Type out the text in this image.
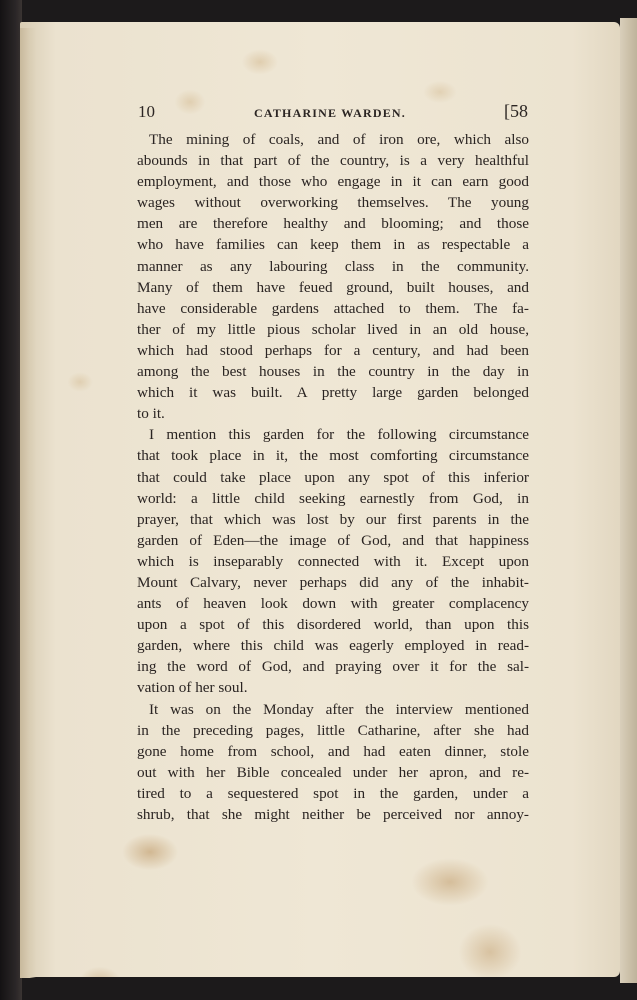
10	CATHARINE WARDEN.	[58
The mining of coals, and of iron ore, which also
abounds in that part of the country, is a very healthful
employment, and those who engage in it can earn good
wages without overworking themselves. The young
men are therefore healthy and blooming; and those
who have families can keep them in as respectable a
manner as any labouring class in the community.
Many of them have feued ground, built houses, and
have considerable gardens attached to them. The fa-
ther of my little pious scholar lived in an old house,
which had stood perhaps for a century, and had been
among the best houses in the country in the day in
which it was built. A pretty large garden belonged
to it.
I mention this garden for the following circumstance
that took place in it, the most comforting circumstance
that could take place upon any spot of this inferior
world: a little child seeking earnestly from God, in
prayer, that which was lost by our first parents in the
garden of Eden—the image of God, and that happiness
which is inseparably connected with it. Except upon
Mount Calvary, never perhaps did any of the inhabit-
ants of heaven look down with greater complacency
upon a spot of this disordered world, than upon this
garden, where this child was eagerly employed in read-
ing the word of God, and praying over it for the sal-
vation of her soul.
It was on the Monday after the interview mentioned
in the preceding pages, little Catharine, after she had
gone home from school, and had eaten dinner, stole
out with her Bible concealed under her apron, and re-
tired to a sequestered spot in the garden, under a
shrub, that she might neither be perceived nor annoy-
